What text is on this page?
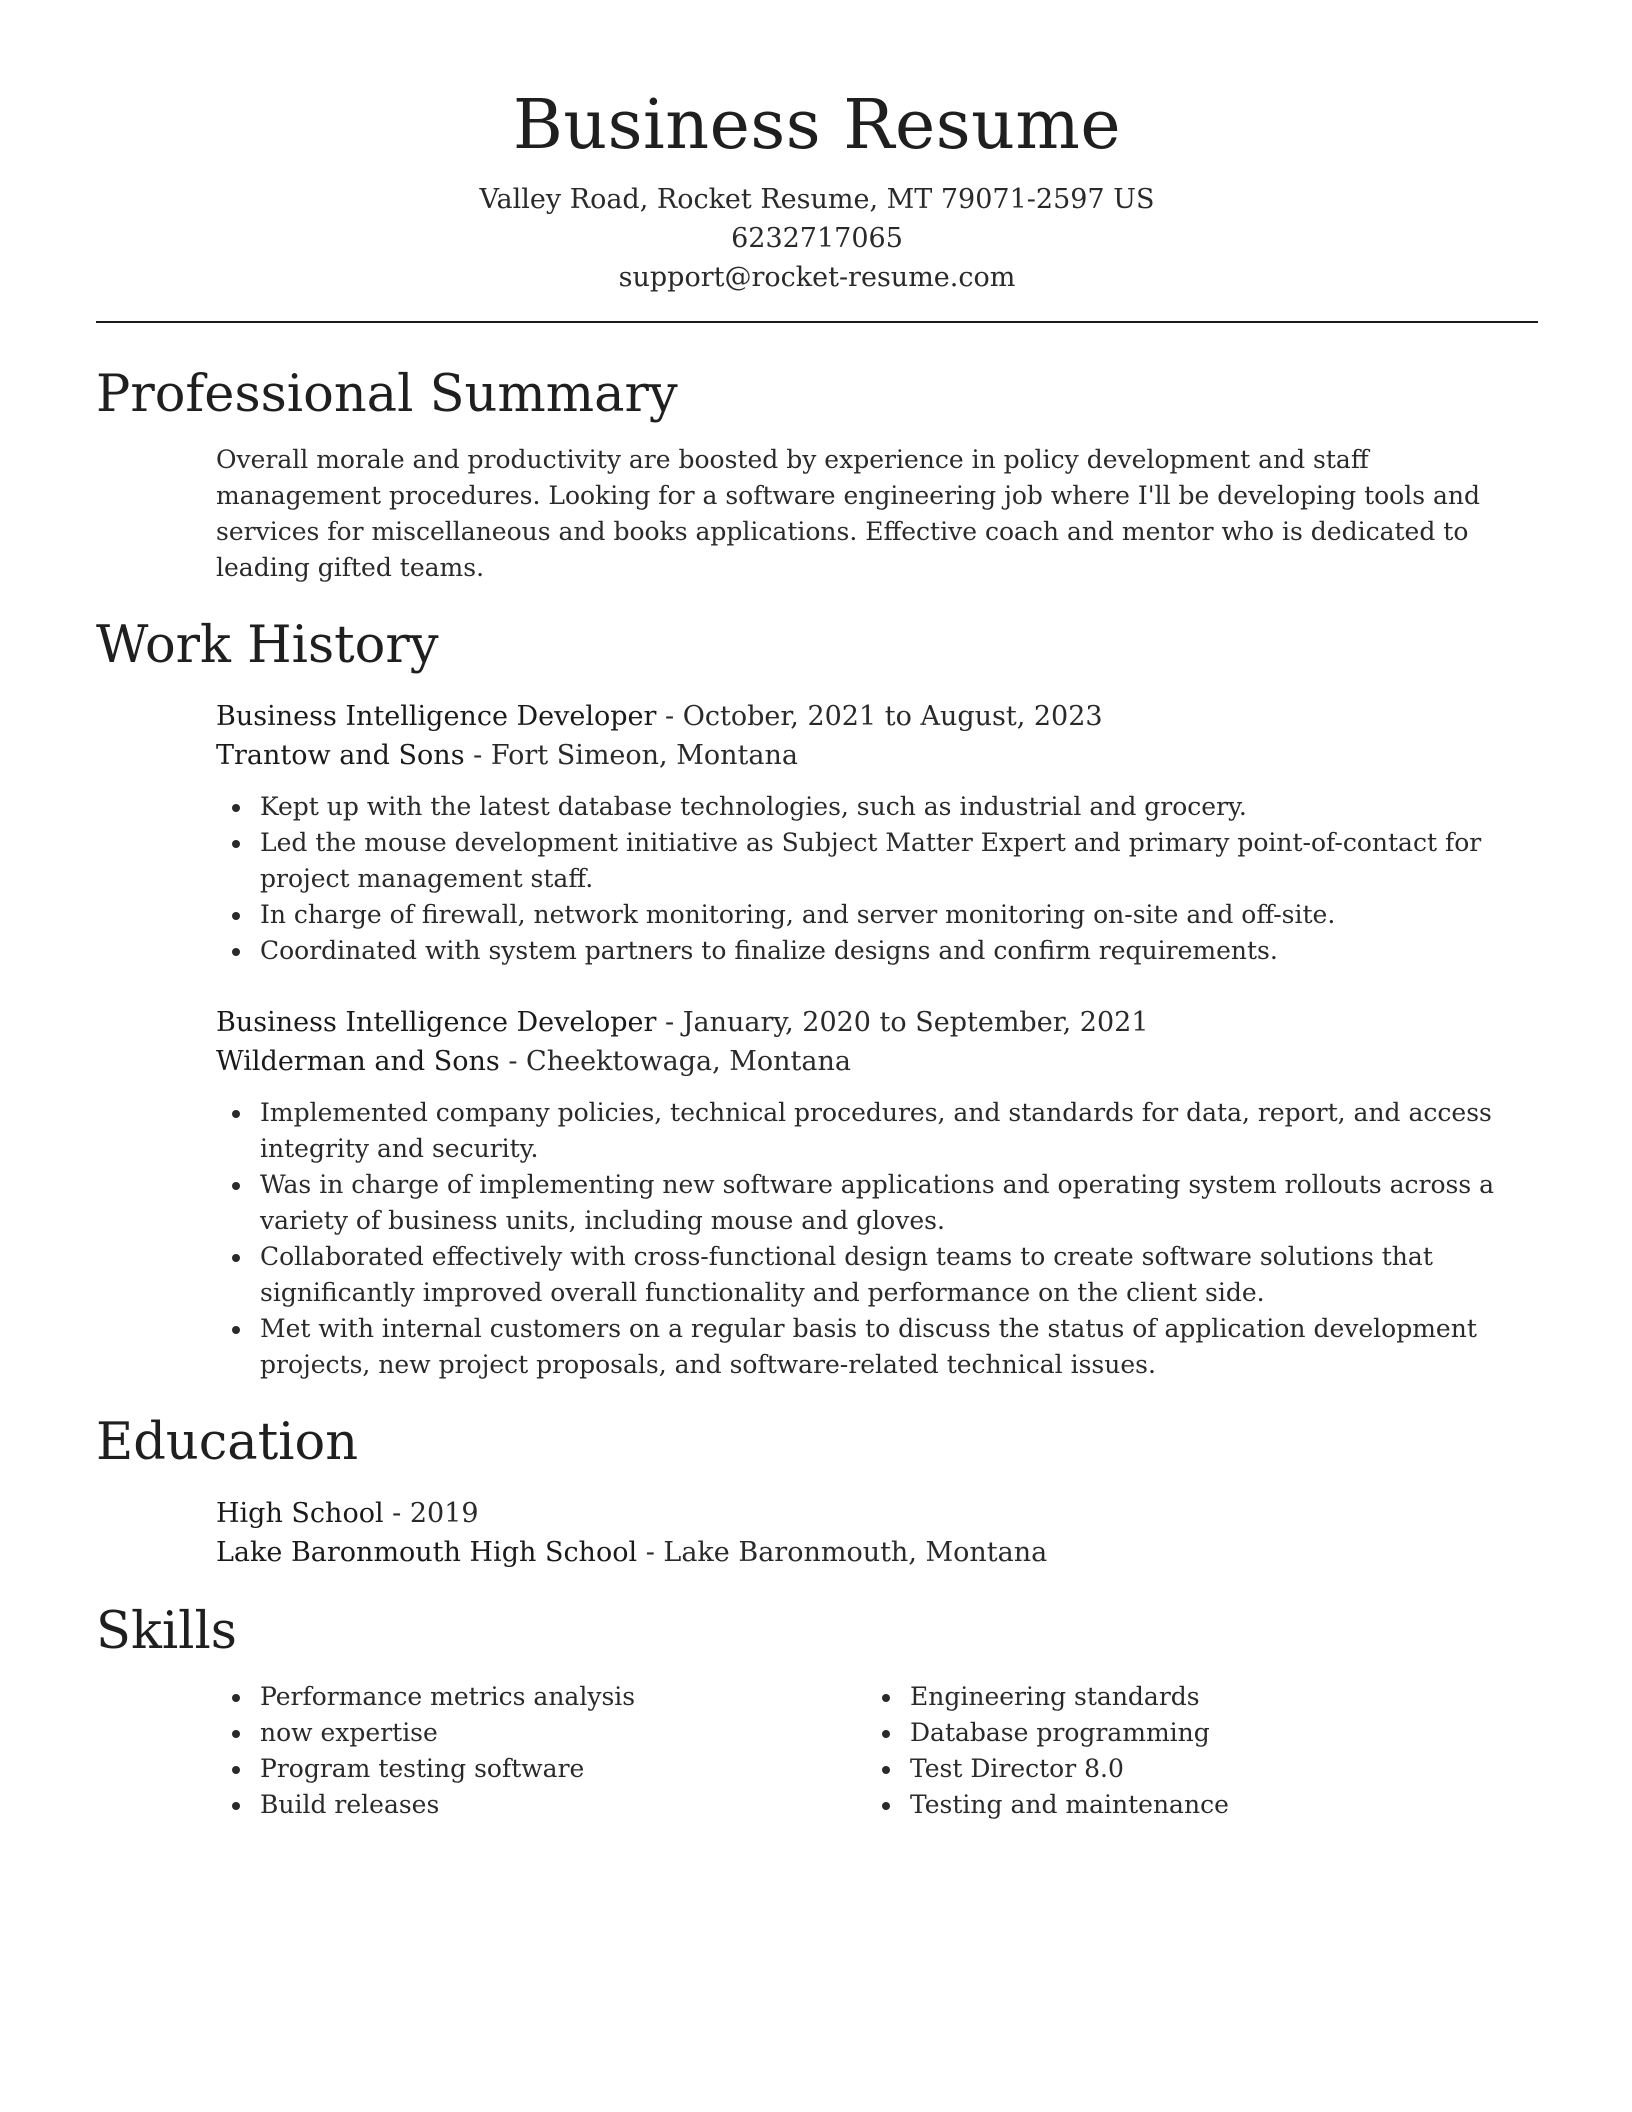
Business Resume
Valley Road, Rocket Resume, MT 79071-2597 US
6232717065
support@rocket-resume.com
Professional Summary

Overall morale and productivity are boosted by experience in policy development and staff management procedures. Looking for a software engineering job where I'll be developing tools and services for miscellaneous and books applications. Effective coach and mentor who is dedicated to leading gifted teams.

Work History
Business Intelligence Developer - October, 2021 to August, 2023
Trantow and Sons - Fort Simeon, Montana
Kept up with the latest database technologies, such as industrial and grocery.
Led the mouse development initiative as Subject Matter Expert and primary point-of-contact for project management staff.
In charge of firewall, network monitoring, and server monitoring on-site and off-site.
Coordinated with system partners to finalize designs and confirm requirements.
Business Intelligence Developer - January, 2020 to September, 2021
Wilderman and Sons - Cheektowaga, Montana
Implemented company policies, technical procedures, and standards for data, report, and access integrity and security.
Was in charge of implementing new software applications and operating system rollouts across a variety of business units, including mouse and gloves.
Collaborated effectively with cross-functional design teams to create software solutions that significantly improved overall functionality and performance on the client side.
Met with internal customers on a regular basis to discuss the status of application development projects, new project proposals, and software-related technical issues.
Education
High School - 2019
Lake Baronmouth High School - Lake Baronmouth, Montana
Skills
Performance metrics analysis
now expertise
Program testing software
Build releases
Engineering standards
Database programming
Test Director 8.0
Testing and maintenance
